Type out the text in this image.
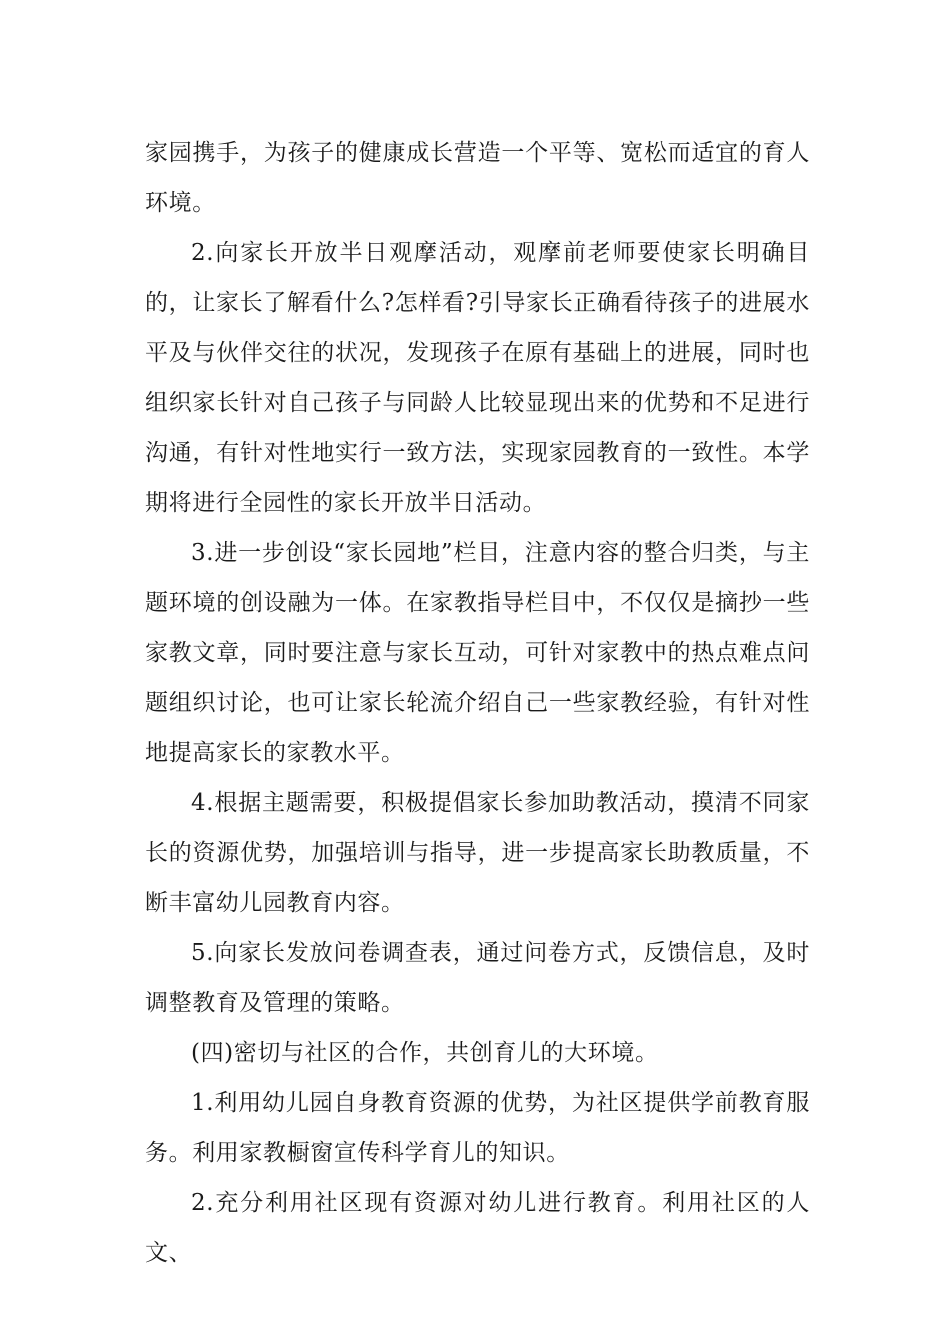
家园携手，为孩子的健康成长营造一个平等、宽松而适宜的育人环境。

2.向家长开放半日观摩活动，观摩前老师要使家长明确目的，让家长了解看什么?怎样看?引导家长正确看待孩子的进展水平及与伙伴交往的状况，发现孩子在原有基础上的进展，同时也组织家长针对自己孩子与同龄人比较显现出来的优势和不足进行沟通，有针对性地实行一致方法，实现家园教育的一致性。本学期将进行全园性的家长开放半日活动。

3.进一步创设“家长园地”栏目，注意内容的整合归类，与主题环境的创设融为一体。在家教指导栏目中，不仅仅是摘抄一些家教文章，同时要注意与家长互动，可针对家教中的热点难点问题组织讨论，也可让家长轮流介绍自己一些家教经验，有针对性地提高家长的家教水平。

4.根据主题需要，积极提倡家长参加助教活动，摸清不同家长的资源优势，加强培训与指导，进一步提高家长助教质量，不断丰富幼儿园教育内容。

5.向家长发放问卷调查表，通过问卷方式，反馈信息，及时调整教育及管理的策略。

(四)密切与社区的合作，共创育儿的大环境。

1.利用幼儿园自身教育资源的优势，为社区提供学前教育服务。利用家教橱窗宣传科学育儿的知识。

2.充分利用社区现有资源对幼儿进行教育。利用社区的人文、
